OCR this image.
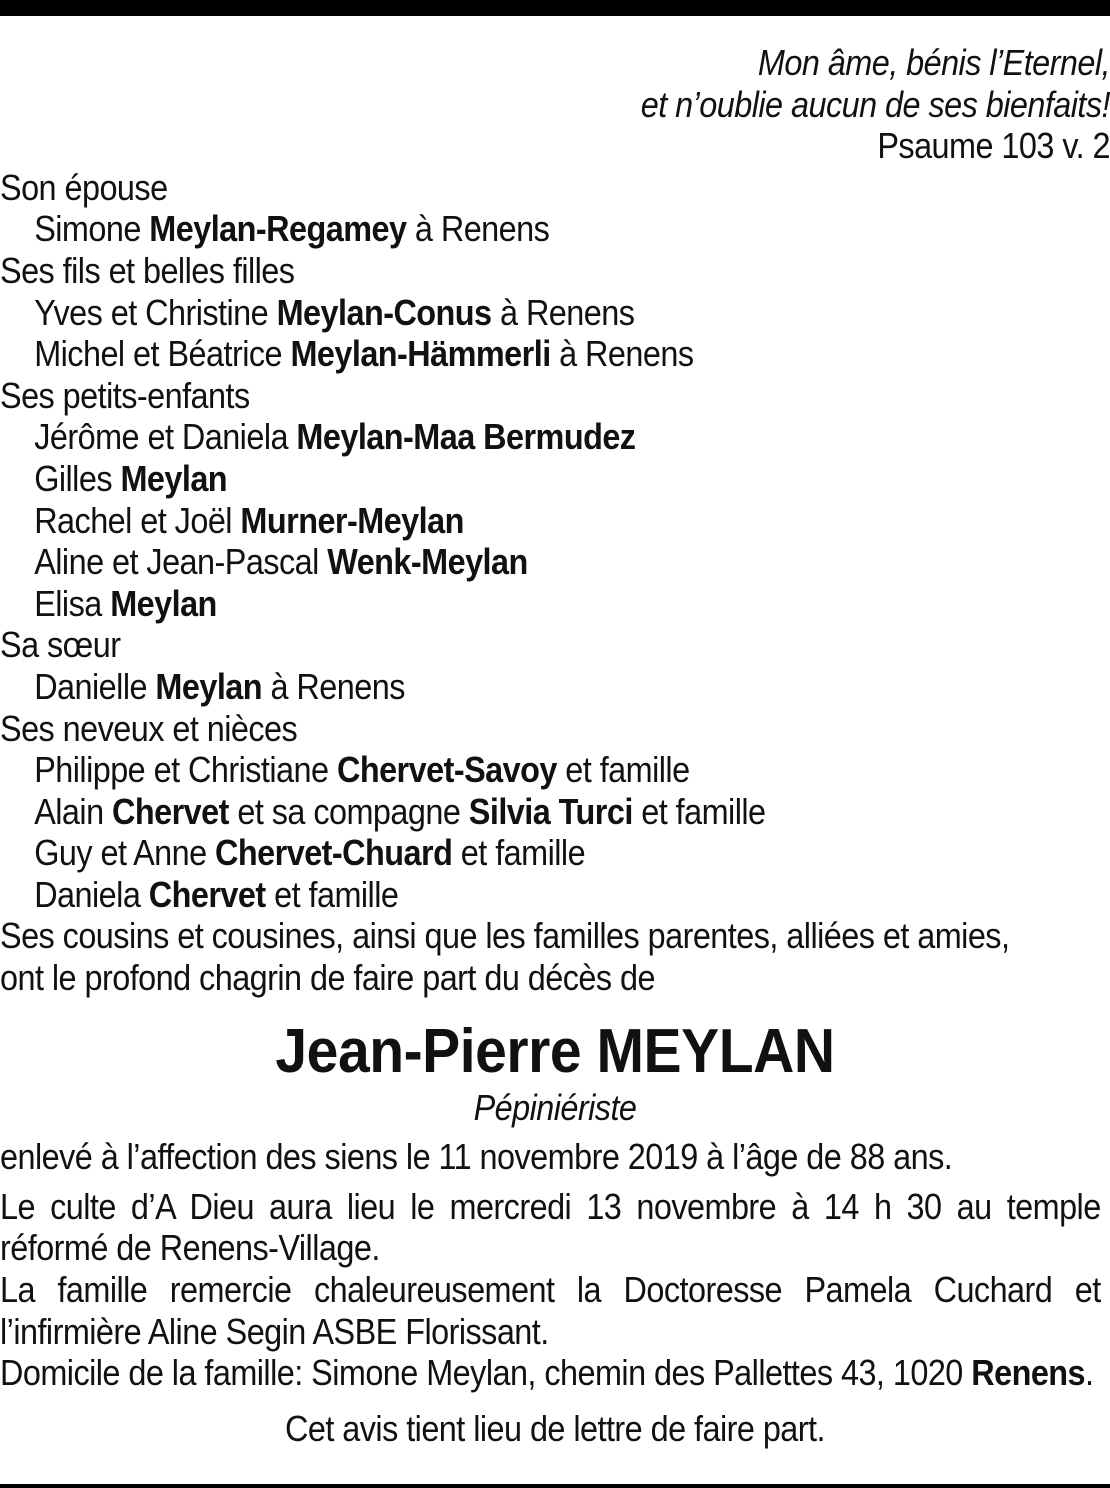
Mon âme, bénis l’Eternel,
et n’oublie aucun de ses bienfaits!
Psaume 103 v. 2
Son épouse
Simone Meylan-Regamey à Renens
Ses fils et belles filles
Yves et Christine Meylan-Conus à Renens
Michel et Béatrice Meylan-Hämmerli à Renens
Ses petits-enfants
Jérôme et Daniela Meylan-Maa Bermudez
Gilles Meylan
Rachel et Joël Murner-Meylan
Aline et Jean-Pascal Wenk-Meylan
Elisa Meylan
Sa sœur
Danielle Meylan à Renens
Ses neveux et nièces
Philippe et Christiane Chervet-Savoy et famille
Alain Chervet et sa compagne Silvia Turci et famille
Guy et Anne Chervet-Chuard et famille
Daniela Chervet et famille
Ses cousins et cousines, ainsi que les familles parentes, alliées et amies,
ont le profond chagrin de faire part du décès de
Jean-Pierre MEYLAN
Pépiniériste
enlevé à l’affection des siens le 11 novembre 2019 à l’âge de 88 ans.
Le culte d’A Dieu aura lieu le mercredi 13 novembre à 14 h 30 au temple réformé de Renens-Village.
La famille remercie chaleureusement la Doctoresse Pamela Cuchard et l’infirmière Aline Segin ASBE Florissant.
Domicile de la famille: Simone Meylan, chemin des Pallettes 43, 1020 Renens.
Cet avis tient lieu de lettre de faire part.
